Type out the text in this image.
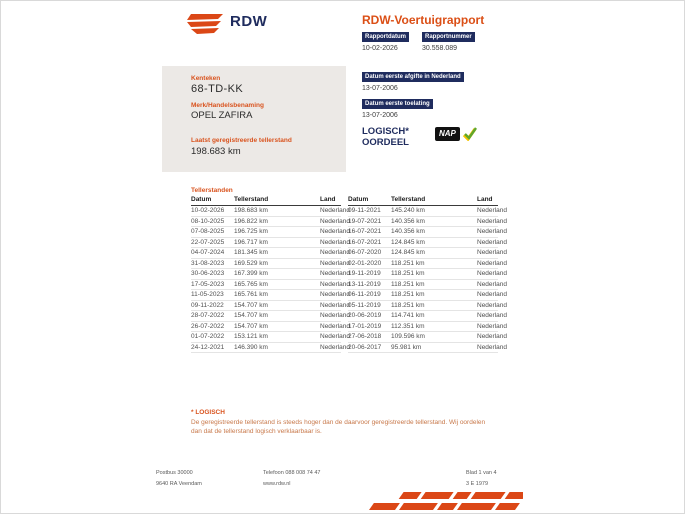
RDW	RDW-Voertuigrapport
Rapportdatum	Rapportnummer
10-02-2026	30.558.089
Kenteken
68-TD-KK
Merk/Handelsbenaming
OPEL ZAFIRA
Laatst geregistreerde tellerstand
198.683 km
Datum eerste afgifte in Nederland
13-07-2006
Datum eerste toelating
13-07-2006
LOGISCH*
OORDEEL
NAP
Tellerstanden
Datum	Tellerstand	Land
10-02-2026	198.683 km	Nederland
08-10-2025	196.822 km	Nederland
07-08-2025	196.725 km	Nederland
22-07-2025	196.717 km	Nederland
04-07-2024	181.345 km	Nederland
31-08-2023	169.529 km	Nederland
30-06-2023	167.399 km	Nederland
17-05-2023	165.765 km	Nederland
11-05-2023	165.761 km	Nederland
09-11-2022	154.707 km	Nederland
28-07-2022	154.707 km	Nederland
26-07-2022	154.707 km	Nederland
01-07-2022	153.121 km	Nederland
24-12-2021	146.390 km	Nederland
Datum	Tellerstand	Land
09-11-2021	145.240 km	Nederland
19-07-2021	140.356 km	Nederland
16-07-2021	140.356 km	Nederland
16-07-2021	124.845 km	Nederland
06-07-2020	124.845 km	Nederland
02-01-2020	118.251 km	Nederland
19-11-2019	118.251 km	Nederland
13-11-2019	118.251 km	Nederland
06-11-2019	118.251 km	Nederland
05-11-2019	118.251 km	Nederland
20-06-2019	114.741 km	Nederland
17-01-2019	112.351 km	Nederland
27-06-2018	109.596 km	Nederland
20-06-2017	95.981 km	Nederland
* LOGISCH
De geregistreerde tellerstand is steeds hoger dan de daarvoor geregistreerde tellerstand. Wij oordelen dan dat de tellerstand logisch verklaarbaar is.
Postbus 30000
9640 RA Veendam
Telefoon 088 008 74 47
www.rdw.nl
Blad 1 van 4
3 E 1979
